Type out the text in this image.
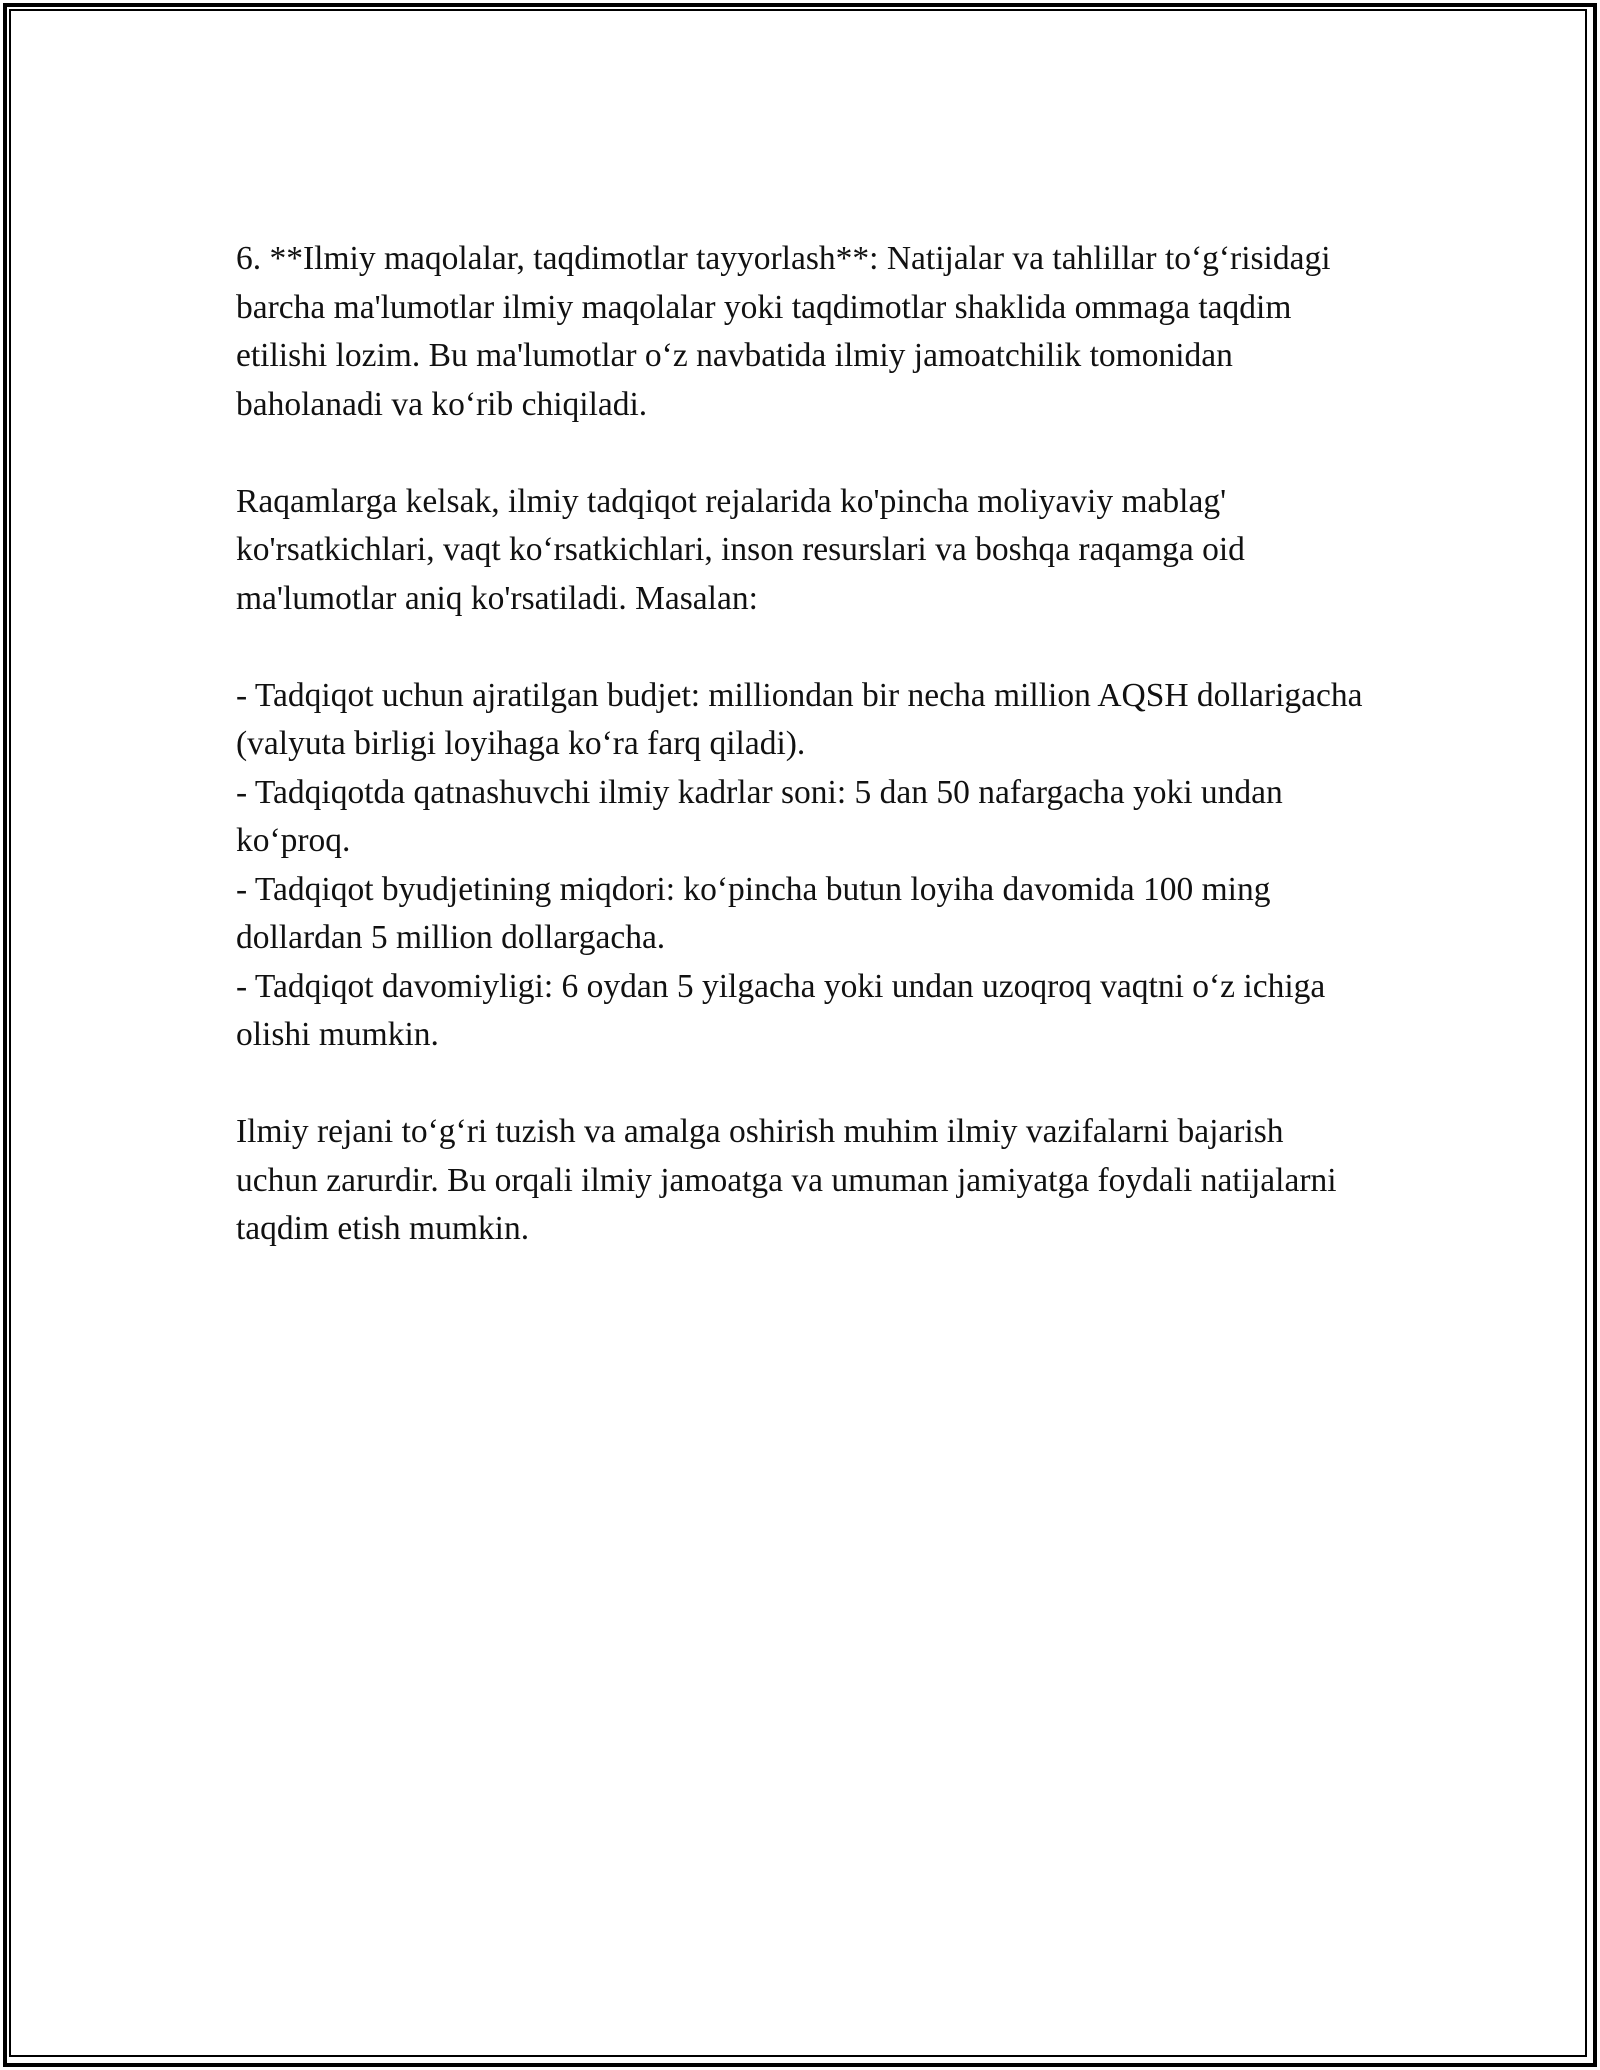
6. **Ilmiy maqolalar, taqdimotlar tayyorlash**: Natijalar va tahlillar to‘g‘risidagi barcha ma'lumotlar ilmiy maqolalar yoki taqdimotlar shaklida ommaga taqdim etilishi lozim. Bu ma'lumotlar o‘z navbatida ilmiy jamoatchilik tomonidan baholanadi va ko‘rib chiqiladi.

Raqamlarga kelsak, ilmiy tadqiqot rejalarida ko'pincha moliyaviy mablag' ko'rsatkichlari, vaqt ko‘rsatkichlari, inson resurslari va boshqa raqamga oid ma'lumotlar aniq ko'rsatiladi. Masalan:

- Tadqiqot uchun ajratilgan budjet: milliondan bir necha million AQSH dollarigacha (valyuta birligi loyihaga ko‘ra farq qiladi).
- Tadqiqotda qatnashuvchi ilmiy kadrlar soni: 5 dan 50 nafargacha yoki undan ko‘proq.
- Tadqiqot byudjetining miqdori: ko‘pincha butun loyiha davomida 100 ming dollardan 5 million dollargacha.
- Tadqiqot davomiyligi: 6 oydan 5 yilgacha yoki undan uzoqroq vaqtni o‘z ichiga olishi mumkin.

Ilmiy rejani to‘g‘ri tuzish va amalga oshirish muhim ilmiy vazifalarni bajarish uchun zarurdir. Bu orqali ilmiy jamoatga va umuman jamiyatga foydali natijalarni taqdim etish mumkin.
